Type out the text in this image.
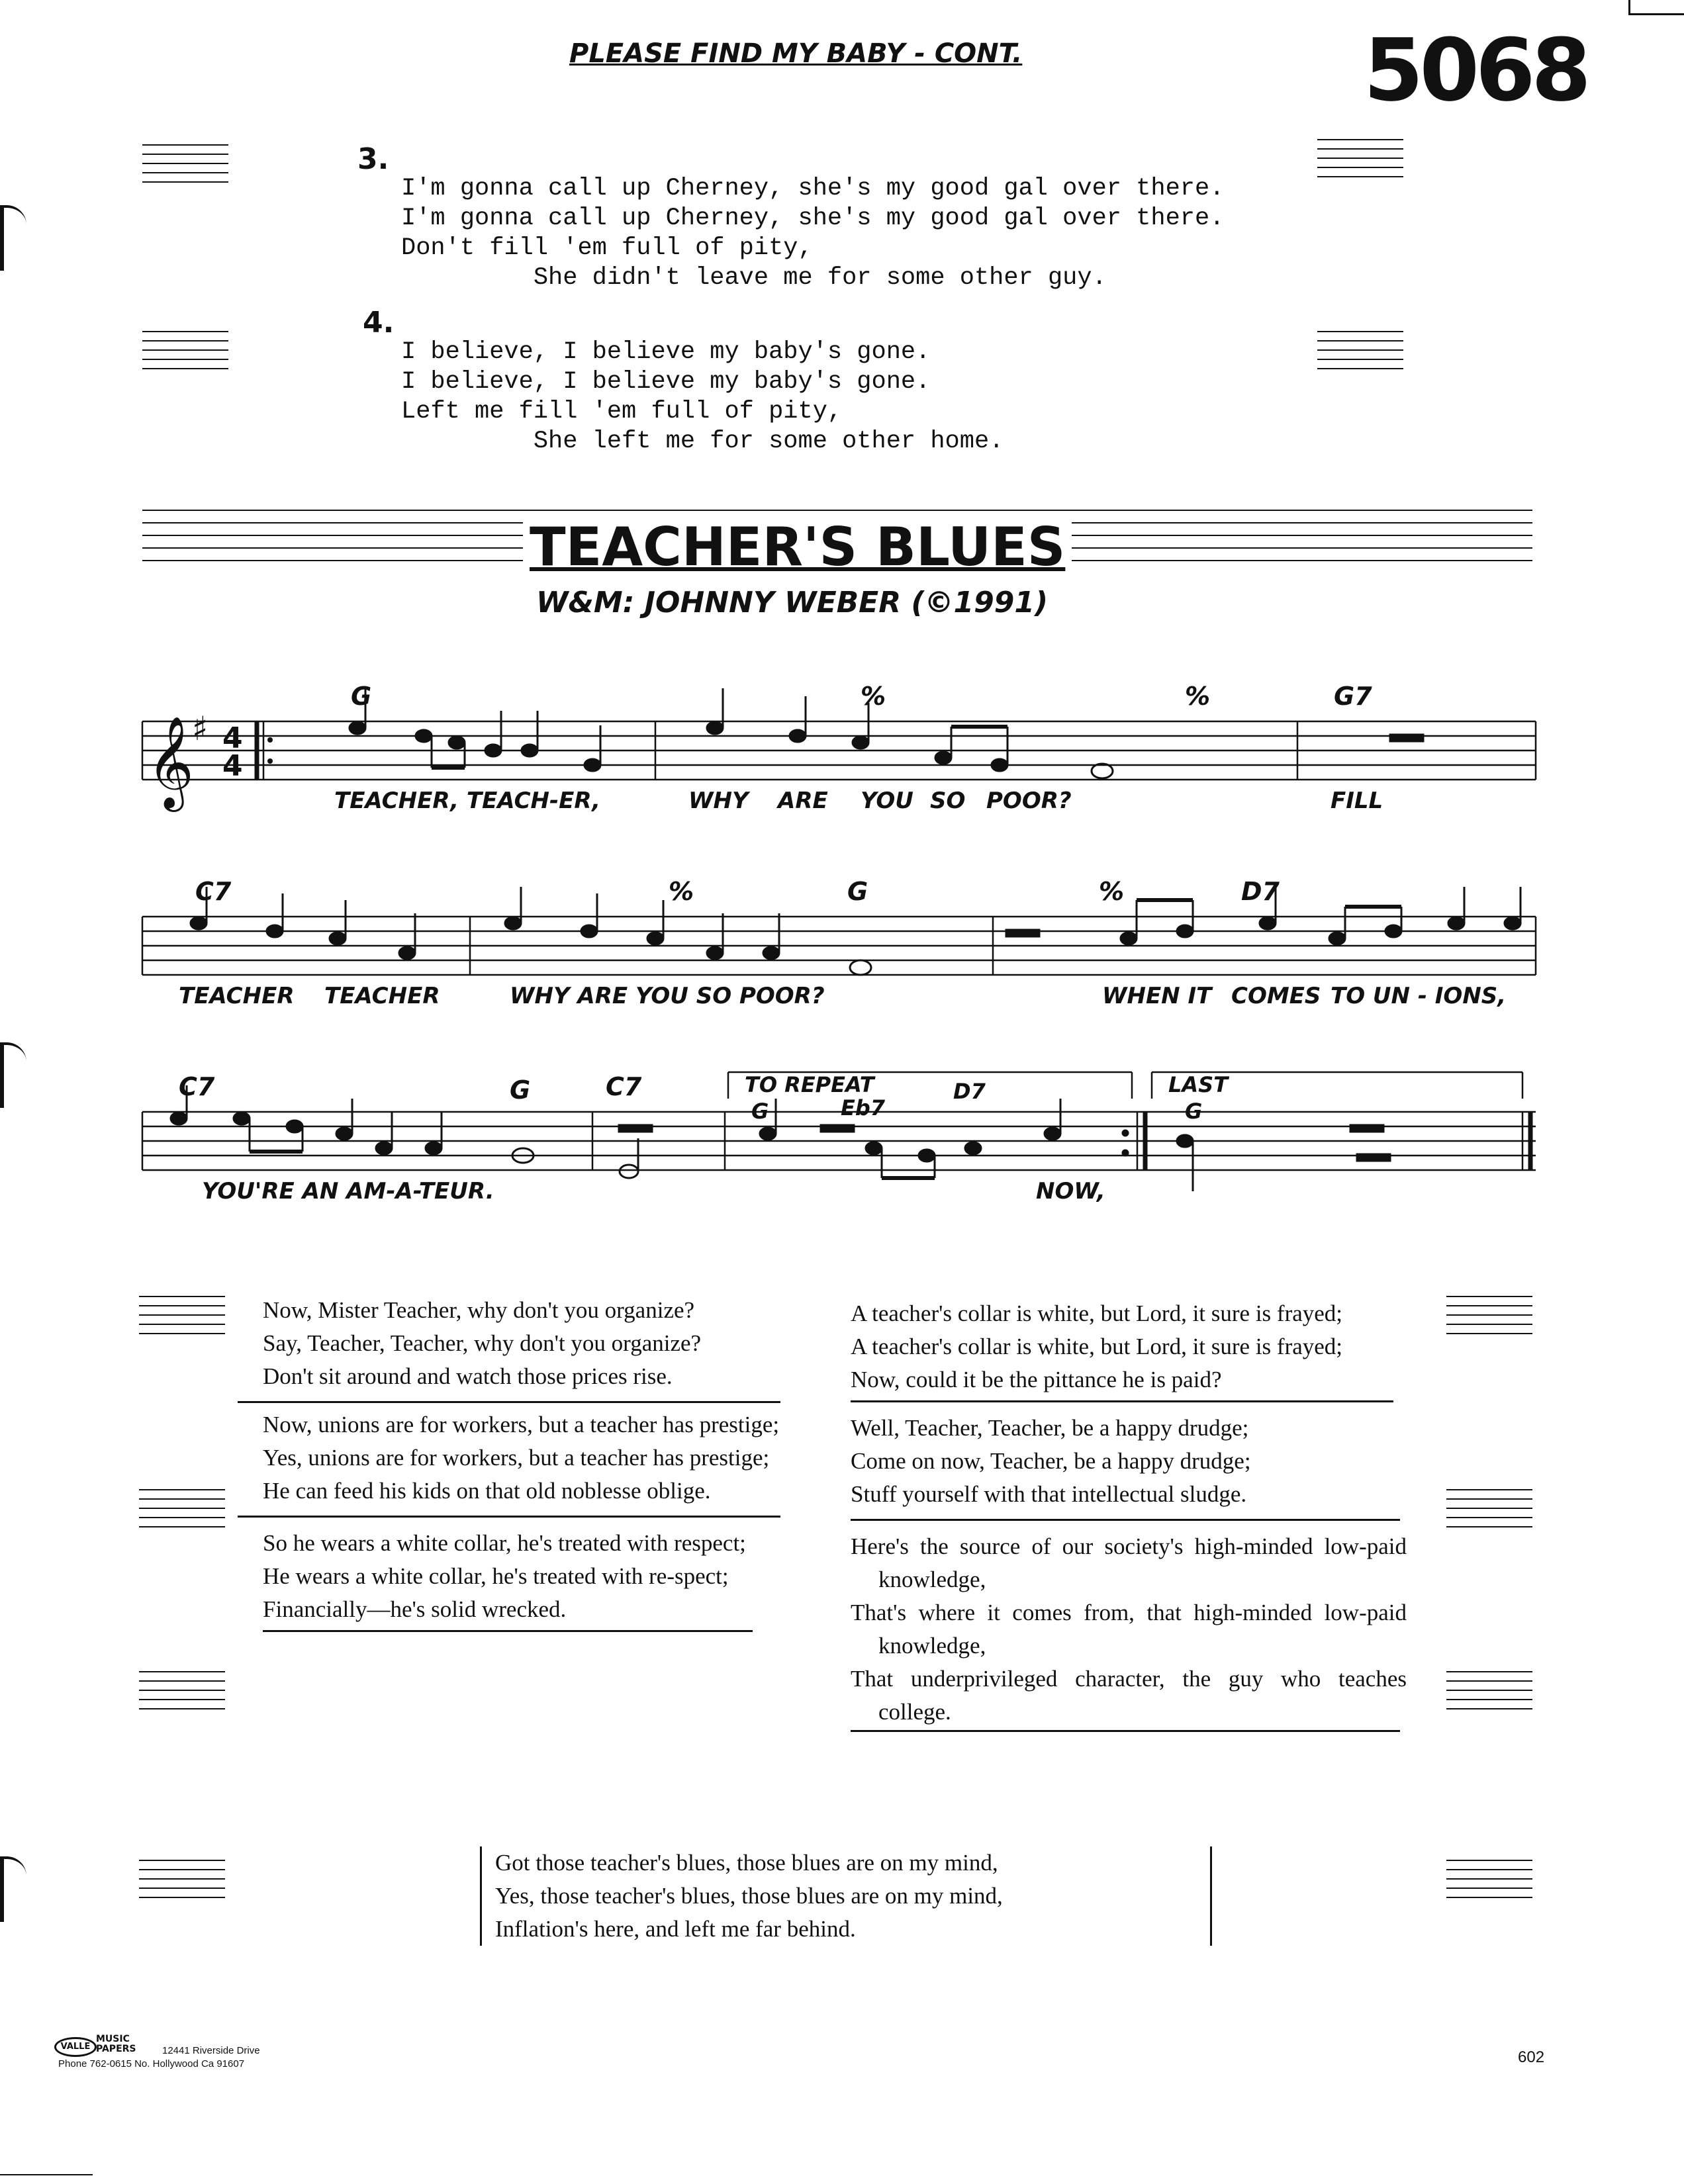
PLEASE FIND MY BABY - CONT.	5068
3.

I'm gonna call up Cherney, she's my good gal over there.
I'm gonna call up Cherney, she's my good gal over there.
Don't fill 'em full of pity,
She didn't leave me for some other guy.

4.

I believe, I believe my baby's gone.
I believe, I believe my baby's gone.
Left me fill 'em full of pity,
She left me for some other home.

TEACHER'S BLUES
W&M: JOHNNY WEBER (©1991)
𝄞
♯ 4
4
G	%	%	G7
C7	%	G	%	D7
C7	G	C7
G	Eb7
D7
G
TO REPEAT	LAST
TEACHER, TEACH-ER,	WHY ARE YOU SO POOR?	FILL
TEACHER TEACHER	WHY ARE YOU SO POOR?	WHEN IT COMES TO UN - IONS,
YOU'RE AN AM-A-TEUR.	NOW,

Now, Mister Teacher, why don't you organize?

Say, Teacher, Teacher, why don't you organize?

Don't sit around and watch those prices rise.

Now, unions are for workers, but a teacher has prestige;

Yes, unions are for workers, but a teacher has prestige;

He can feed his kids on that old noblesse oblige.

So he wears a white collar, he's treated with respect;

He wears a white collar, he's treated with re-spect;

Financially—he's solid wrecked.

A teacher's collar is white, but Lord, it sure is frayed;

A teacher's collar is white, but Lord, it sure is frayed;

Now, could it be the pittance he is paid?

Well, Teacher, Teacher, be a happy drudge;

Come on now, Teacher, be a happy drudge;

Stuff yourself with that intellectual sludge.

Here's the source of our society's high-minded low-paid knowledge,

That's where it comes from, that high-minded low-paid knowledge,

That underprivileged character, the guy who teaches college.

Got those teacher's blues, those blues are on my mind,

Yes, those teacher's blues, those blues are on my mind,

Inflation's here, and left me far behind.

VALLE
MUSIC PAPERS	12441 Riverside Drive
Phone 762-0615 No. Hollywood Ca 91607	602
